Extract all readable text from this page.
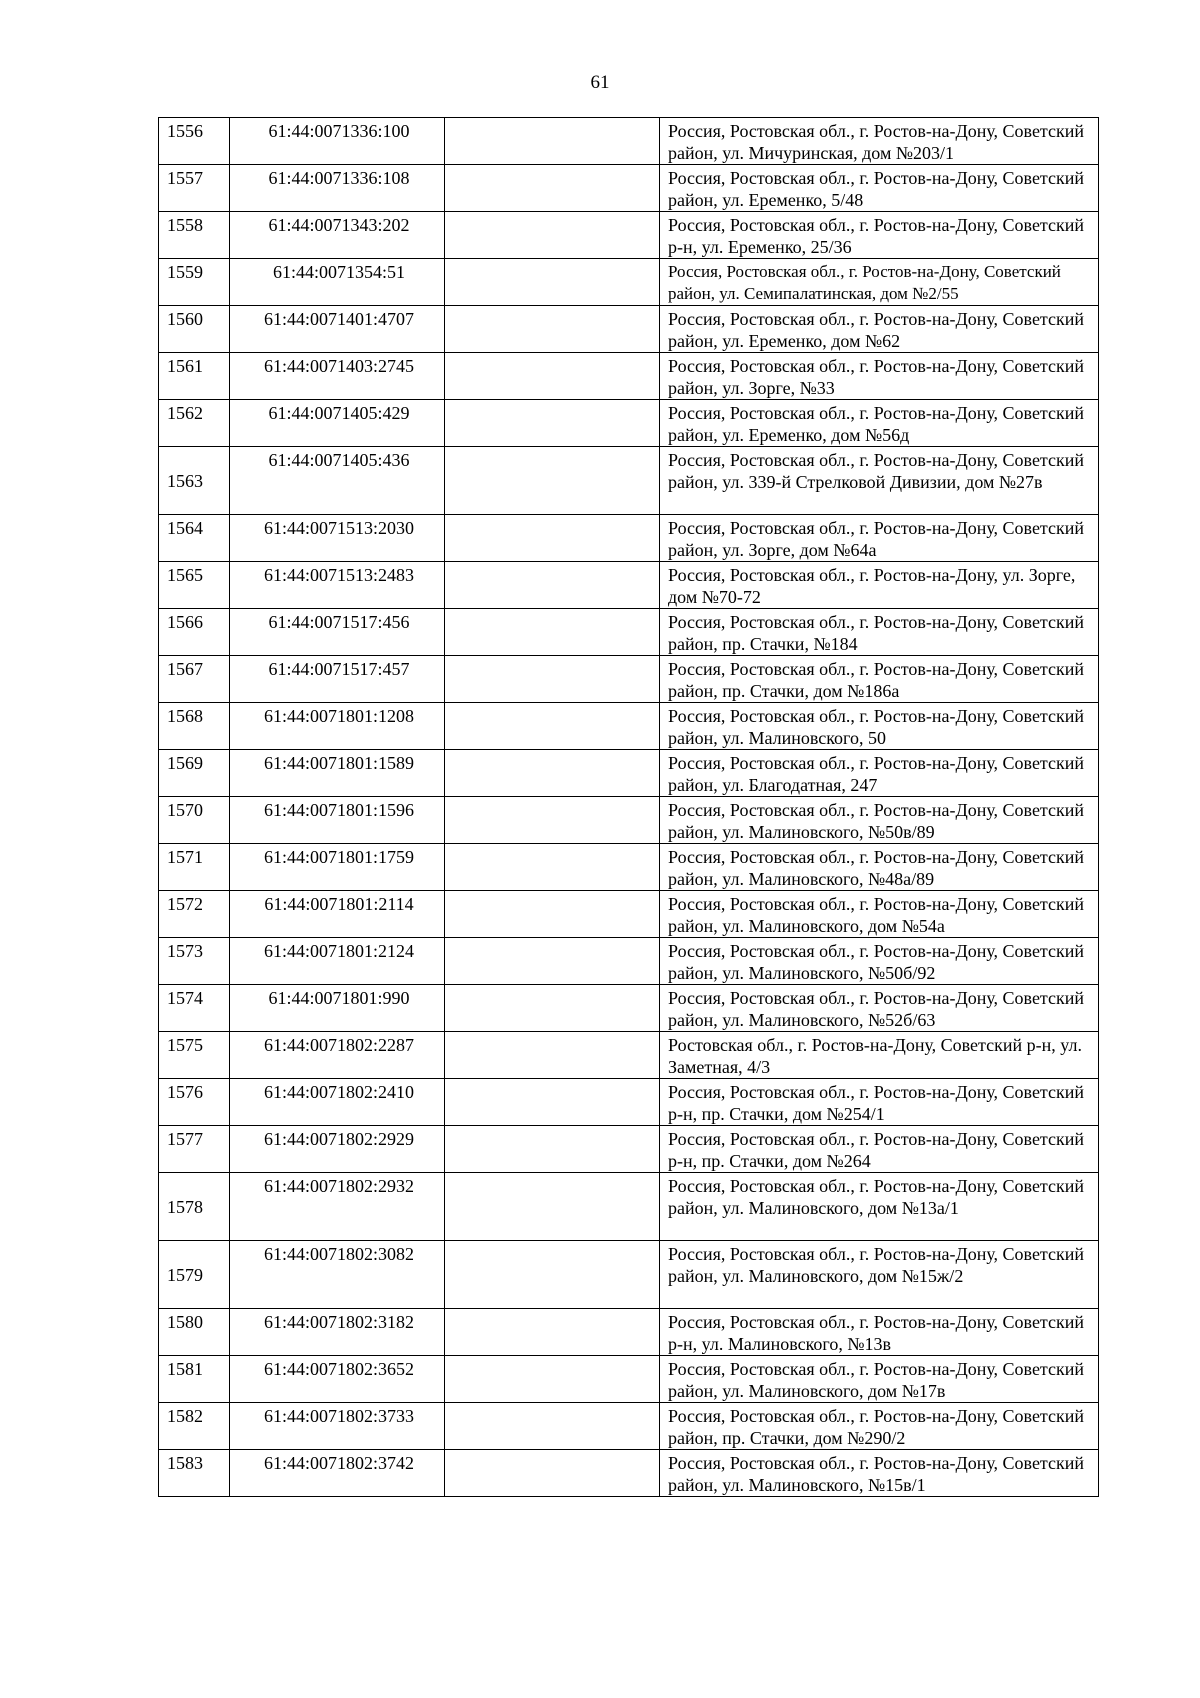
61
1556	61:44:0071336:100		Россия, Ростовская обл., г. Ростов-на-Дону, Советский район, ул. Мичуринская, дом №203/1
1557	61:44:0071336:108		Россия, Ростовская обл., г. Ростов-на-Дону, Советский район, ул. Еременко, 5/48
1558	61:44:0071343:202		Россия, Ростовская обл., г. Ростов-на-Дону, Советский р-н, ул. Еременко, 25/36
1559	61:44:0071354:51		Россия, Ростовская обл., г. Ростов-на-Дону, Советский район, ул. Семипалатинская, дом №2/55
1560	61:44:0071401:4707		Россия, Ростовская обл., г. Ростов-на-Дону, Советский район, ул. Еременко, дом №62
1561	61:44:0071403:2745		Россия, Ростовская обл., г. Ростов-на-Дону, Советский район, ул. Зорге, №33
1562	61:44:0071405:429		Россия, Ростовская обл., г. Ростов-на-Дону, Советский район, ул. Еременко, дом №56д
1563	61:44:0071405:436		Россия, Ростовская обл., г. Ростов-на-Дону, Советский район, ул. 339-й Стрелковой Дивизии, дом №27в
1564	61:44:0071513:2030		Россия, Ростовская обл., г. Ростов-на-Дону, Советский район, ул. Зорге, дом №64а
1565	61:44:0071513:2483		Россия, Ростовская обл., г. Ростов-на-Дону, ул. Зорге, дом №70-72
1566	61:44:0071517:456		Россия, Ростовская обл., г. Ростов-на-Дону, Советский район, пр. Стачки, №184
1567	61:44:0071517:457		Россия, Ростовская обл., г. Ростов-на-Дону, Советский район, пр. Стачки, дом №186а
1568	61:44:0071801:1208		Россия, Ростовская обл., г. Ростов-на-Дону, Советский район, ул. Малиновского, 50
1569	61:44:0071801:1589		Россия, Ростовская обл., г. Ростов-на-Дону, Советский район, ул. Благодатная, 247
1570	61:44:0071801:1596		Россия, Ростовская обл., г. Ростов-на-Дону, Советский район, ул. Малиновского, №50в/89
1571	61:44:0071801:1759		Россия, Ростовская обл., г. Ростов-на-Дону, Советский район, ул. Малиновского, №48а/89
1572	61:44:0071801:2114		Россия, Ростовская обл., г. Ростов-на-Дону, Советский район, ул. Малиновского, дом №54а
1573	61:44:0071801:2124		Россия, Ростовская обл., г. Ростов-на-Дону, Советский район, ул. Малиновского, №50б/92
1574	61:44:0071801:990		Россия, Ростовская обл., г. Ростов-на-Дону, Советский район, ул. Малиновского, №52б/63
1575	61:44:0071802:2287		Ростовская обл., г. Ростов-на-Дону, Советский р-н, ул. Заметная, 4/3
1576	61:44:0071802:2410		Россия, Ростовская обл., г. Ростов-на-Дону, Советский р-н, пр. Стачки, дом №254/1
1577	61:44:0071802:2929		Россия, Ростовская обл., г. Ростов-на-Дону, Советский р-н, пр. Стачки, дом №264
1578	61:44:0071802:2932		Россия, Ростовская обл., г. Ростов-на-Дону, Советский район, ул. Малиновского, дом №13а/1
1579	61:44:0071802:3082		Россия, Ростовская обл., г. Ростов-на-Дону, Советский район, ул. Малиновского, дом №15ж/2
1580	61:44:0071802:3182		Россия, Ростовская обл., г. Ростов-на-Дону, Советский р-н, ул. Малиновского, №13в
1581	61:44:0071802:3652		Россия, Ростовская обл., г. Ростов-на-Дону, Советский район, ул. Малиновского, дом №17в
1582	61:44:0071802:3733		Россия, Ростовская обл., г. Ростов-на-Дону, Советский район, пр. Стачки, дом №290/2
1583	61:44:0071802:3742		Россия, Ростовская обл., г. Ростов-на-Дону, Советский район, ул. Малиновского, №15в/1
